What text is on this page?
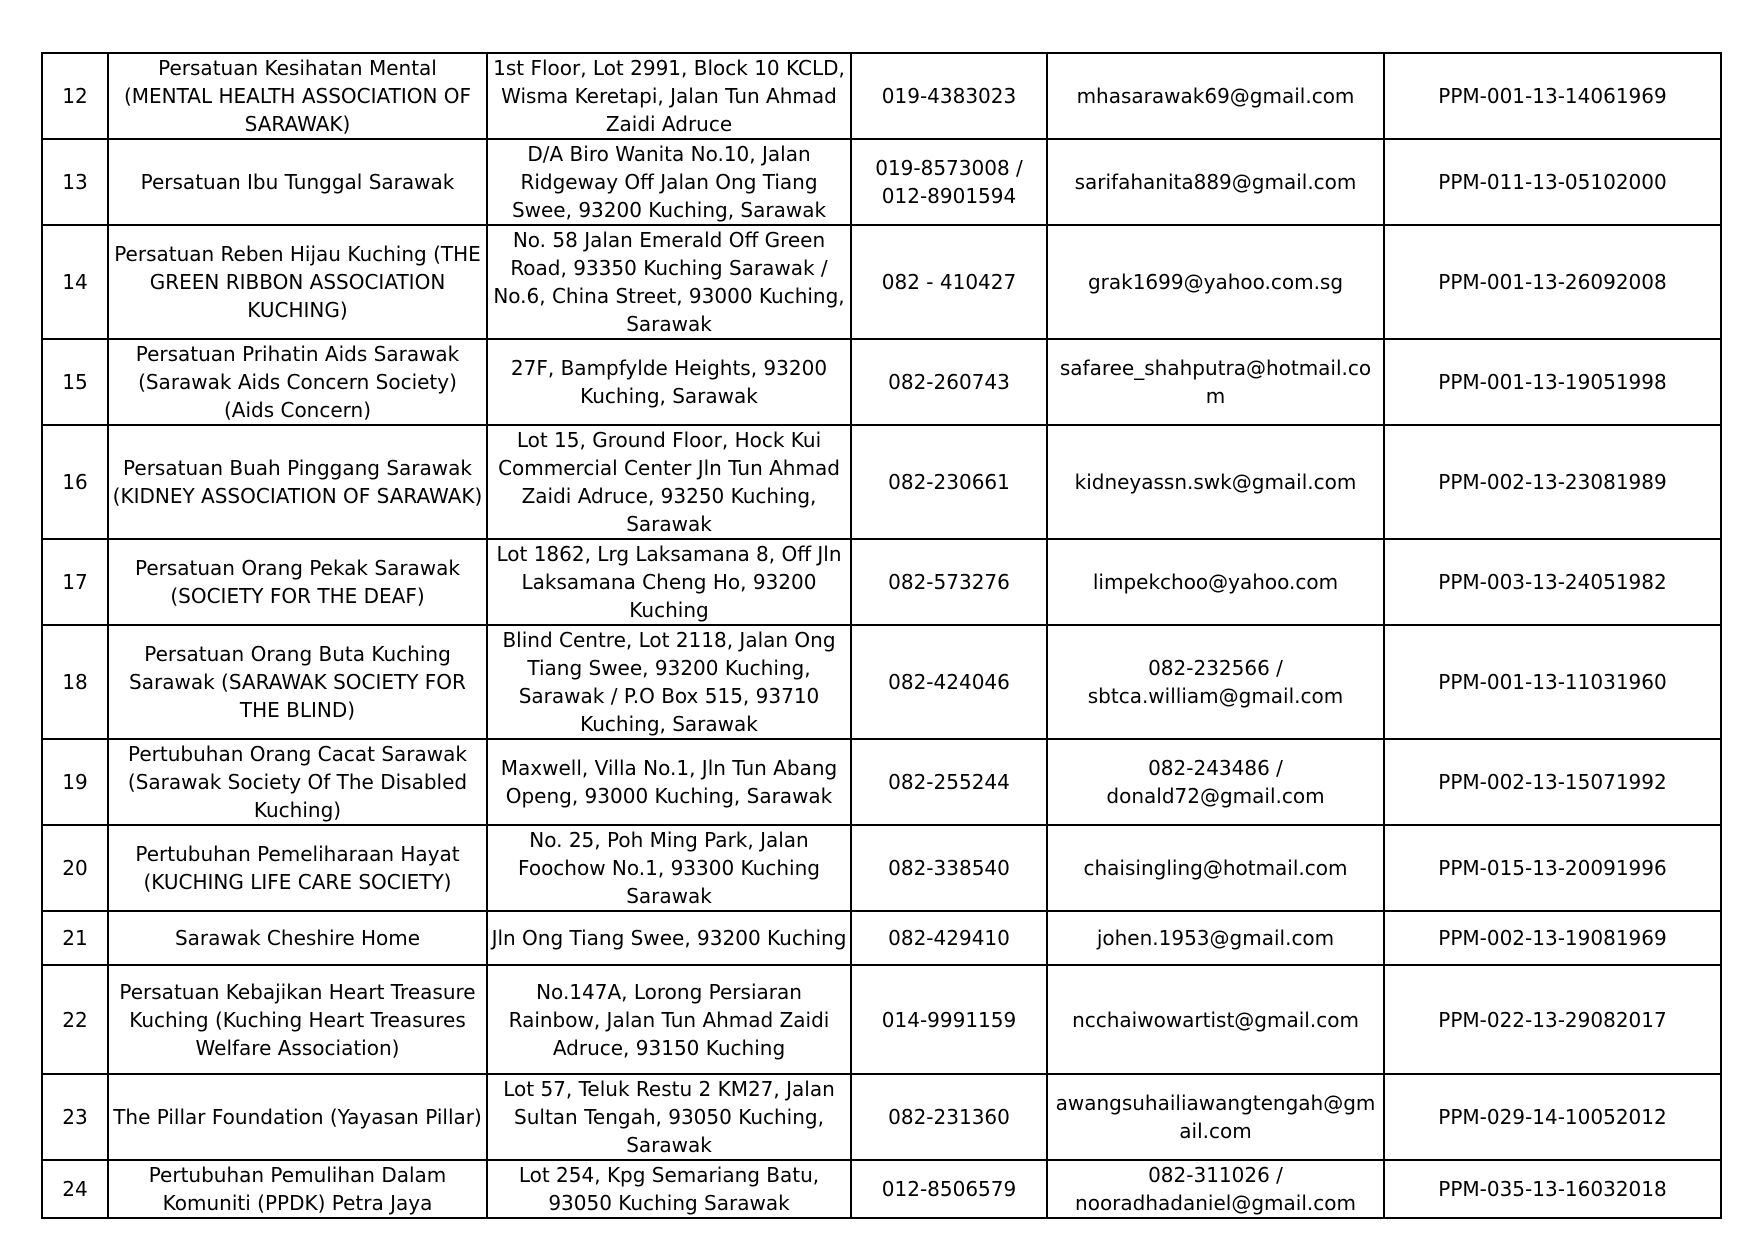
12	Persatuan Kesihatan Mental (MENTAL HEALTH ASSOCIATION OF SARAWAK)	1st Floor, Lot 2991, Block 10 KCLD, Wisma Keretapi, Jalan Tun Ahmad Zaidi Adruce	019-4383023	mhasarawak69@gmail.com	PPM-001-13-14061969
13	Persatuan Ibu Tunggal Sarawak	D/A Biro Wanita No.10, Jalan Ridgeway Off Jalan Ong Tiang Swee, 93200 Kuching, Sarawak	019-8573008 / 012-8901594	sarifahanita889@gmail.com	PPM-011-13-05102000
14	Persatuan Reben Hijau Kuching (THE GREEN RIBBON ASSOCIATION KUCHING)	No. 58 Jalan Emerald Off Green Road, 93350 Kuching Sarawak / No.6, China Street, 93000 Kuching, Sarawak	082 - 410427	grak1699@yahoo.com.sg	PPM-001-13-26092008
15	Persatuan Prihatin Aids Sarawak (Sarawak Aids Concern Society) (Aids Concern)	27F, Bampfylde Heights, 93200 Kuching, Sarawak	082-260743	safaree_shahputra@hotmail.com	PPM-001-13-19051998
16	Persatuan Buah Pinggang Sarawak (KIDNEY ASSOCIATION OF SARAWAK)	Lot 15, Ground Floor, Hock Kui Commercial Center Jln Tun Ahmad Zaidi Adruce, 93250 Kuching, Sarawak	082-230661	kidneyassn.swk@gmail.com	PPM-002-13-23081989
17	Persatuan Orang Pekak Sarawak (SOCIETY FOR THE DEAF)	Lot 1862, Lrg Laksamana 8, Off Jln Laksamana Cheng Ho, 93200 Kuching	082-573276	limpekchoo@yahoo.com	PPM-003-13-24051982
18	Persatuan Orang Buta Kuching Sarawak (SARAWAK SOCIETY FOR THE BLIND)	Blind Centre, Lot 2118, Jalan Ong Tiang Swee, 93200 Kuching, Sarawak / P.O Box 515, 93710 Kuching, Sarawak	082-424046	082-232566 / sbtca.william@gmail.com	PPM-001-13-11031960
19	Pertubuhan Orang Cacat Sarawak (Sarawak Society Of The Disabled Kuching)	Maxwell, Villa No.1, Jln Tun Abang Openg, 93000 Kuching, Sarawak	082-255244	082-243486 / donald72@gmail.com	PPM-002-13-15071992
20	Pertubuhan Pemeliharaan Hayat (KUCHING LIFE CARE SOCIETY)	No. 25, Poh Ming Park, Jalan Foochow No.1, 93300 Kuching Sarawak	082-338540	chaisingling@hotmail.com	PPM-015-13-20091996
21	Sarawak Cheshire Home	Jln Ong Tiang Swee, 93200 Kuching	082-429410	johen.1953@gmail.com	PPM-002-13-19081969
22	Persatuan Kebajikan Heart Treasure Kuching (Kuching Heart Treasures Welfare Association)	No.147A, Lorong Persiaran Rainbow, Jalan Tun Ahmad Zaidi Adruce, 93150 Kuching	014-9991159	ncchaiwowartist@gmail.com	PPM-022-13-29082017
23	The Pillar Foundation (Yayasan Pillar)	Lot 57, Teluk Restu 2 KM27, Jalan Sultan Tengah, 93050 Kuching, Sarawak	082-231360	awangsuhailiawangtengah@gmail.com	PPM-029-14-10052012
24	Pertubuhan Pemulihan Dalam Komuniti (PPDK) Petra Jaya	Lot 254, Kpg Semariang Batu, 93050 Kuching Sarawak	012-8506579	082-311026 / nooradhadaniel@gmail.com	PPM-035-13-16032018
